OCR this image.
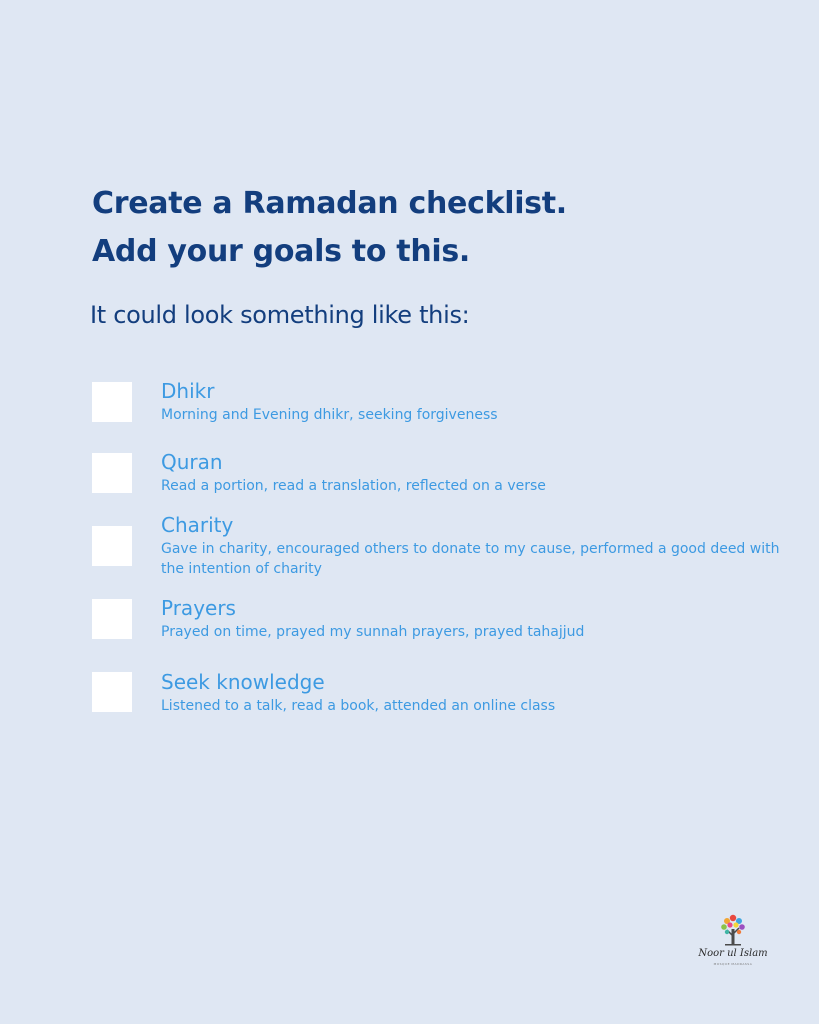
Create a Ramadan checklist.
Add your goals to this.

It could look something like this:

Dhikr

Morning and Evening dhikr, seeking forgiveness

Quran

Read a portion, read a translation, reflected on a verse

Charity

Gave in charity, encouraged others to donate to my cause, performed a good deed with the intention of charity

Prayers

Prayed on time, prayed my sunnah prayers, prayed tahajjud

Seek knowledge

Listened to a talk, read a book, attended an online class

Noor ul Islam
MOSQUE MADRASSA
